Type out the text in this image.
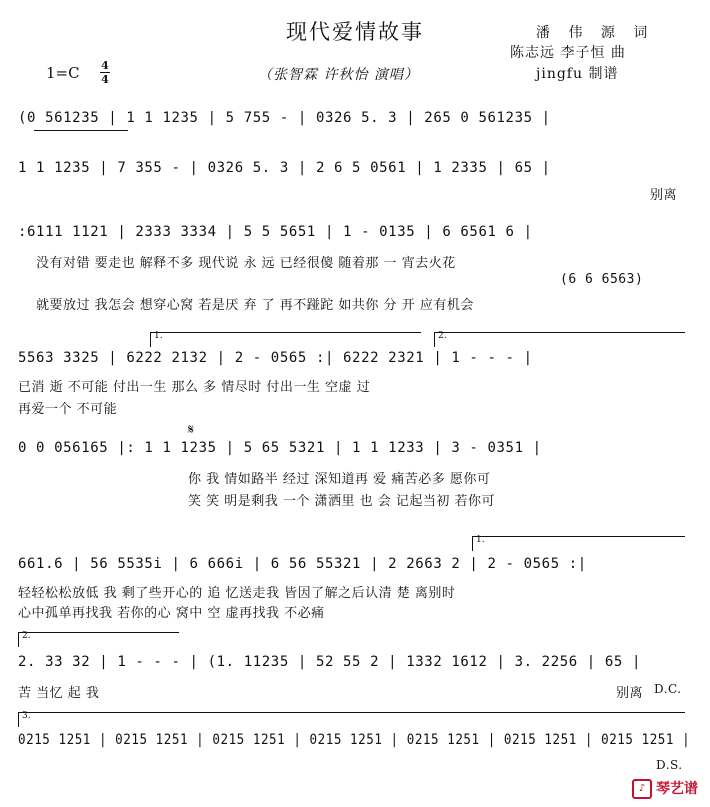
现代爱情故事	潘 伟 源 词
陈志远 李子恒 曲
jingfu 制谱
1=C 4
4	（张智霖 许秋怡 演唱）
(0 561235 | 1 1 1235 | 5 755 - | 0326 5. 3 | 265 0 561235 |
1 1 1235 | 7 355 - | 0326 5. 3 | 2 6 5 0561 | 1 2335 | 65 |
别离
:6111 1121 | 2333 3334 | 5 5 5651 | 1 - 0135 | 6 6561 6 |
没有对错 要走也 解释不多 现代说 永 远 已经很傻 随着那 一 宵去火花
(6 6 6563)
就要放过 我怎会 想穿心窝 若是厌 弃 了 再不踫跎 如共你 分 开 应有机会
1.	2.
5563 3325 | 6222 2132 | 2 - 0565 :| 6222 2321 | 1 - - - |
已消 逝 不可能 付出一生 那么 多 情尽时 付出一生 空虚 过
再爱一个 不可能
𝄋
0 0 056165 |: 1 1 1235 | 5 65 5321 | 1 1 1233 | 3 - 0351 |
你 我 情如路半 经过 深知道再 爱 痛苦必多 愿你可
笑 笑 明是剩我 一个 潇洒里 也 会 记起当初 若你可
1.
661.6 | 56 5535i | 6 666i | 6 56 55321 | 2 2663 2 | 2 - 0565 :|
轻轻松松放低 我 剩了些开心的 追 忆送走我 皆因了解之后认清 楚 离别时
心中孤单再找我 若你的心 窝中 空 虚再找我 不必痛
2.
2. 33 32 | 1 - - - | (1. 11235 | 52 55 2 | 1332 1612 | 3. 2256 | 65 |
苦 当忆 起 我	别离 D.C.
3.
0215 1251 | 0215 1251 | 0215 1251 | 0215 1251 | 0215 1251 | 0215 1251 | 0215 1251 |
D.S.
♪ 琴艺谱
